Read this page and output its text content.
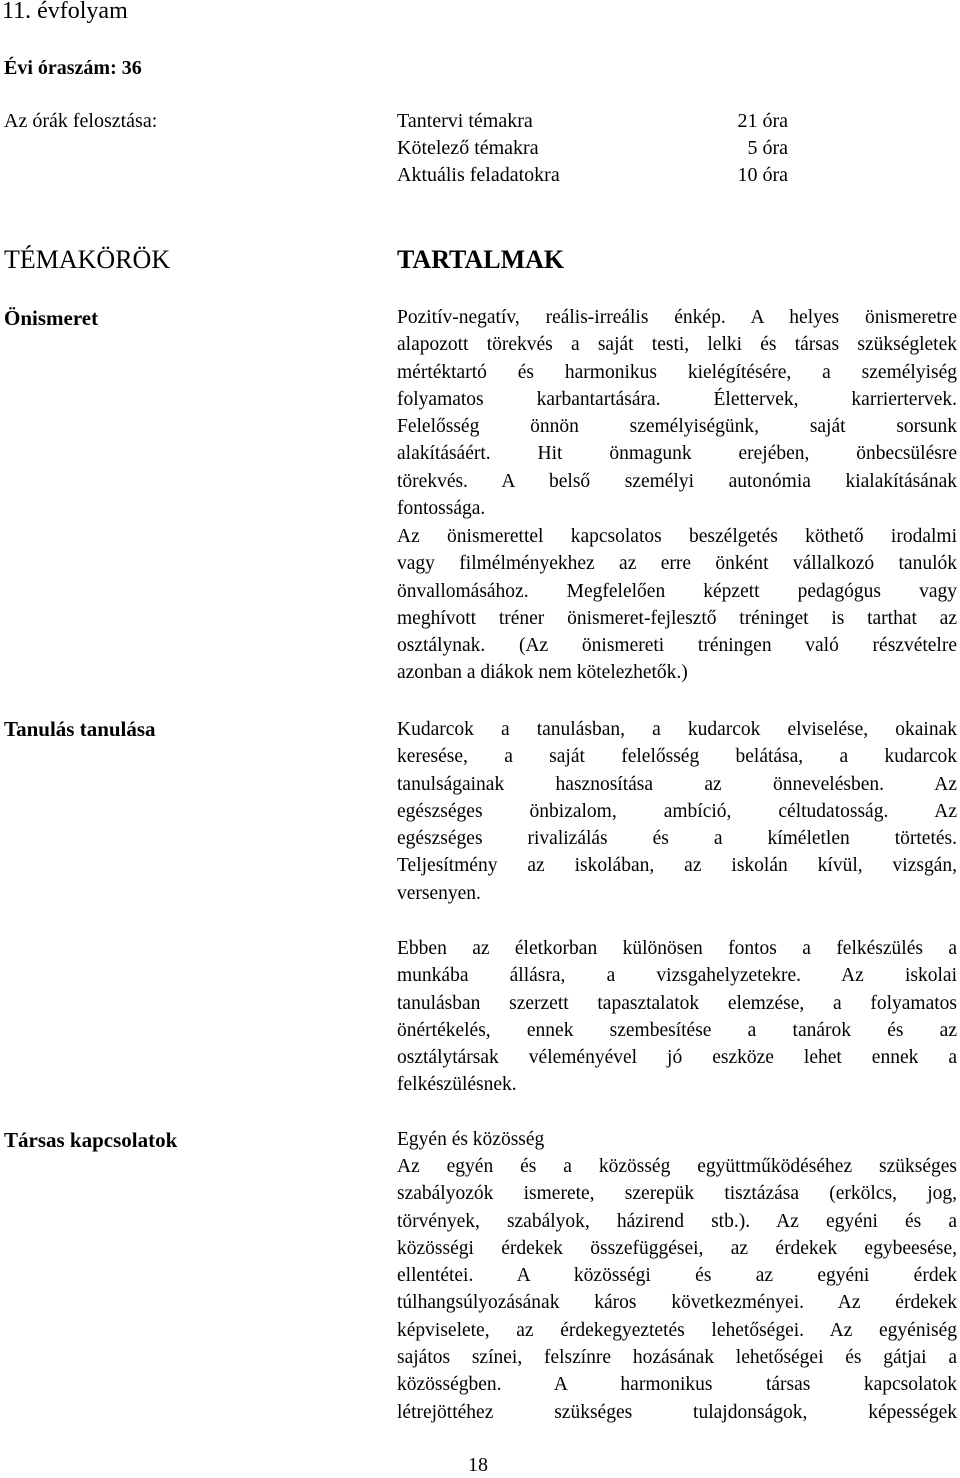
11. évfolyam
Évi óraszám: 36
Az órák felosztása:	Tantervi témakra	21 óra
Kötelező témakra	5 óra
Aktuális feladatokra	10 óra
TÉMAKÖRÖK	TARTALMAK
Önismeret	Pozitív-negatív, reális-irreális énkép. A helyes önismeretre
alapozott törekvés a saját testi, lelki és társas szükségletek
mértéktartó és harmonikus kielégítésére, a személyiség
folyamatos karbantartására. Élettervek, karriertervek.
Felelősség önnön személyiségünk, saját sorsunk
alakításáért. Hit önmagunk erejében, önbecsülésre
törekvés. A belső személyi autonómia kialakításának
fontossága.
Az önismerettel kapcsolatos beszélgetés köthető irodalmi
vagy filmélményekhez az erre önként vállalkozó tanulók
önvallomásához. Megfelelően képzett pedagógus vagy
meghívott tréner önismeret-fejlesztő tréninget is tarthat az
osztálynak. (Az önismereti tréningen való részvételre
azonban a diákok nem kötelezhetők.)
Tanulás tanulása	Kudarcok a tanulásban, a kudarcok elviselése, okainak
keresése, a saját felelősség belátása, a kudarcok
tanulságainak hasznosítása az önnevelésben. Az
egészséges önbizalom, ambíció, céltudatosság. Az
egészséges rivalizálás és a kíméletlen törtetés.
Teljesítmény az iskolában, az iskolán kívül, vizsgán,
versenyen.
Ebben az életkorban különösen fontos a felkészülés a
munkába állásra, a vizsgahelyzetekre. Az iskolai
tanulásban szerzett tapasztalatok elemzése, a folyamatos
önértékelés, ennek szembesítése a tanárok és az
osztálytársak véleményével jó eszköze lehet ennek a
felkészülésnek.
Társas kapcsolatok	Egyén és közösség
Az egyén és a közösség együttműködéséhez szükséges
szabályozók ismerete, szerepük tisztázása (erkölcs, jog,
törvények, szabályok, házirend stb.). Az egyéni és a
közösségi érdekek összefüggései, az érdekek egybeesése,
ellentétei. A közösségi és az egyéni érdek
túlhangsúlyozásának káros következményei. Az érdekek
képviselete, az érdekegyeztetés lehetőségei. Az egyéniség
sajátos színei, felszínre hozásának lehetőségei és gátjai a
közösségben. A harmonikus társas kapcsolatok
létrejöttéhez szükséges tulajdonságok, képességek
18
